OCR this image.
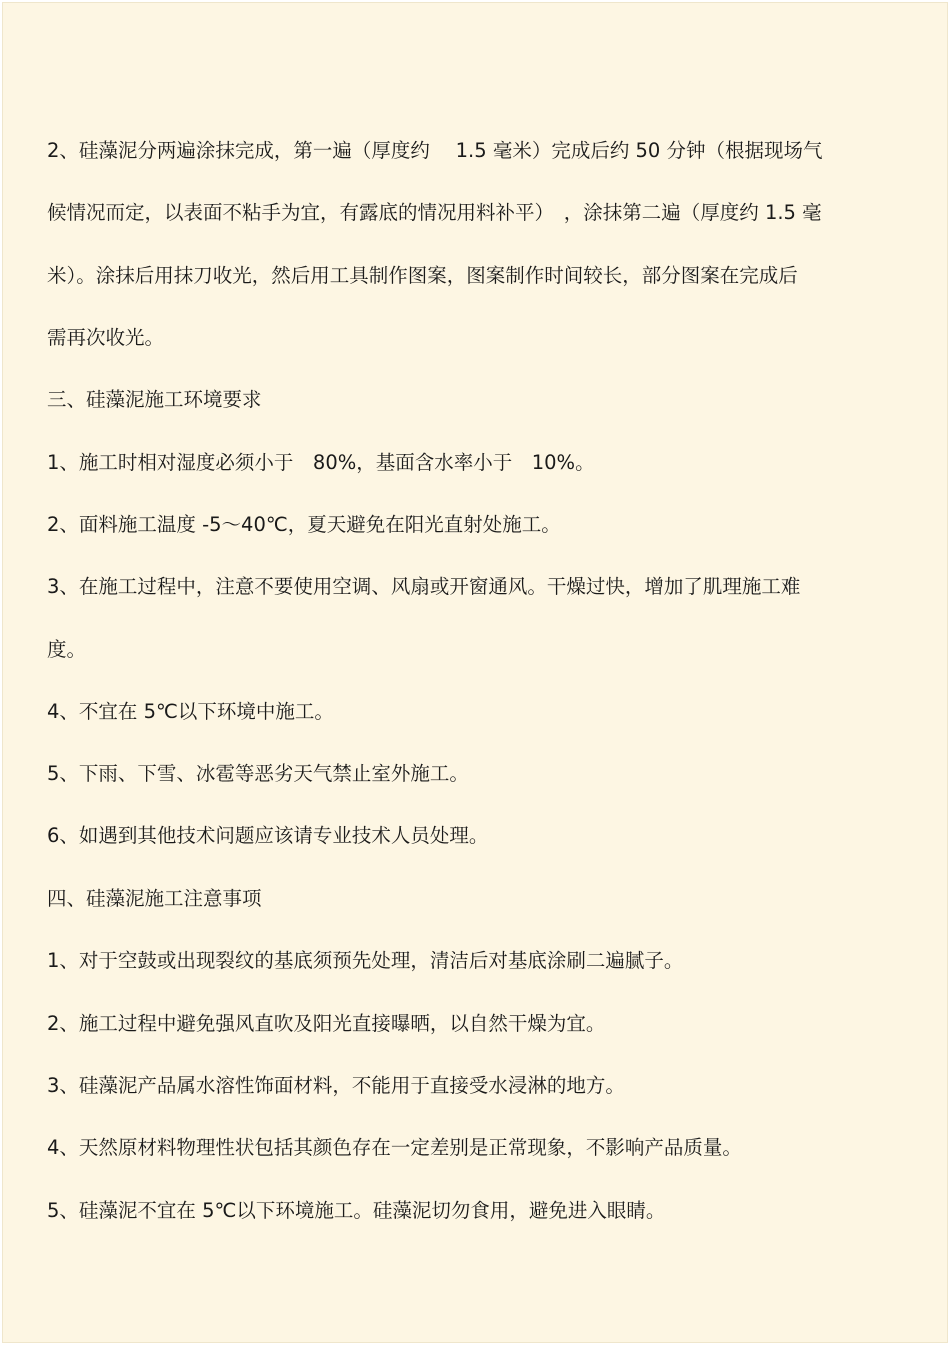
2、硅藻泥分两遍涂抹完成，第一遍（厚度约　 1.5 毫米）完成后约 50 分钟（根据现场气
候情况而定，以表面不粘手为宜，有露底的情况用料补平）　，涂抹第二遍（厚度约 1.5 毫
米）。涂抹后用抹刀收光，然后用工具制作图案，图案制作时间较长，部分图案在完成后
需再次收光。
三、硅藻泥施工环境要求
1、施工时相对湿度必须小于　80%，基面含水率小于　10%。
2、面料施工温度 -5～40℃，夏天避免在阳光直射处施工。
3、在施工过程中，注意不要使用空调、风扇或开窗通风。干燥过快，增加了肌理施工难
度。
4、不宜在 5℃以下环境中施工。
5、下雨、下雪、冰雹等恶劣天气禁止室外施工。
6、如遇到其他技术问题应该请专业技术人员处理。
四、硅藻泥施工注意事项
1、对于空鼓或出现裂纹的基底须预先处理，清洁后对基底涂刷二遍腻子。
2、施工过程中避免强风直吹及阳光直接曝晒，以自然干燥为宜。
3、硅藻泥产品属水溶性饰面材料，不能用于直接受水浸淋的地方。
4、天然原材料物理性状包括其颜色存在一定差别是正常现象，不影响产品质量。
5、硅藻泥不宜在 5℃以下环境施工。硅藻泥切勿食用，避免进入眼睛。
